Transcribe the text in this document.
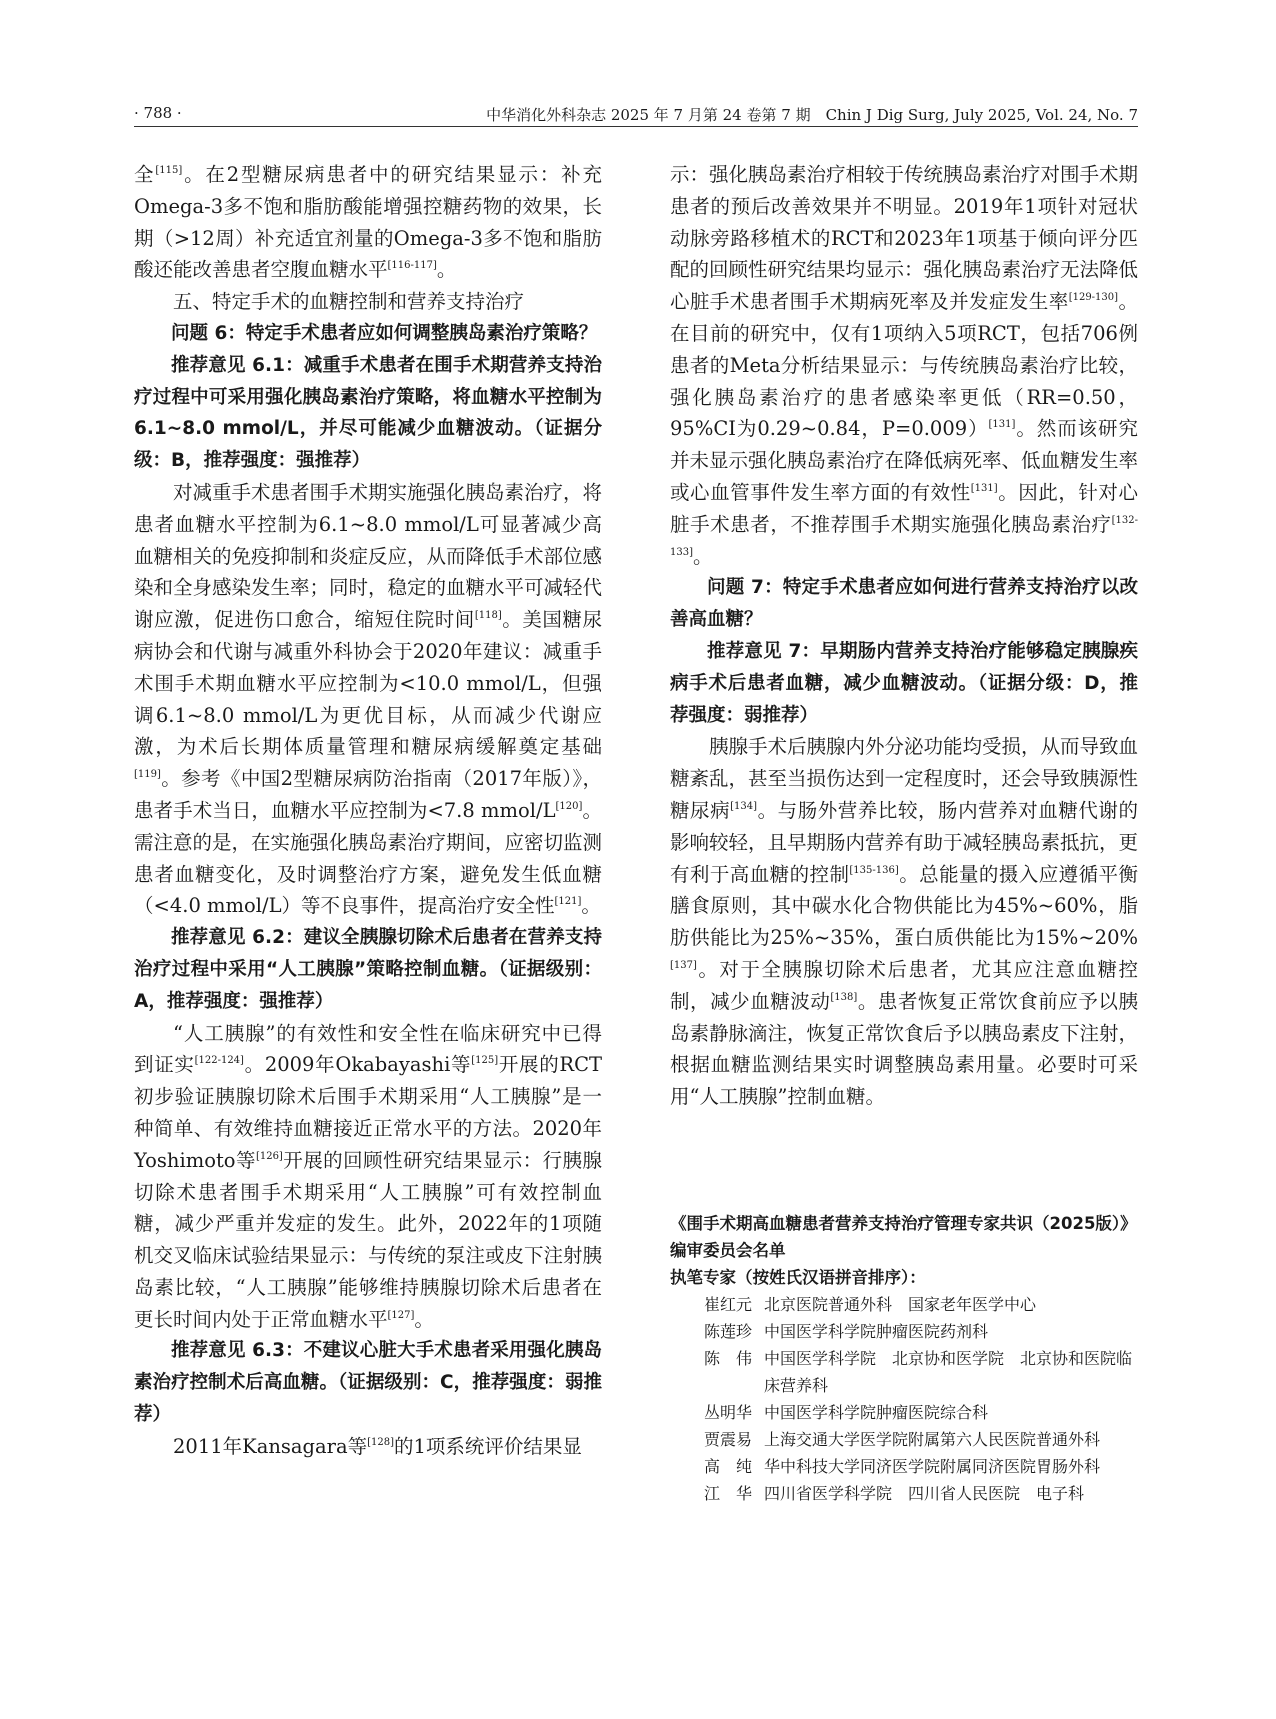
· 788 ·	中华消化外科杂志 2025 年 7 月第 24 卷第 7 期　Chin J Dig Surg, July 2025, Vol. 24, No. 7

全[115]。在2型糖尿病患者中的研究结果显示：补充Omega-3多不饱和脂肪酸能增强控糖药物的效果，长期（>12周）补充适宜剂量的Omega-3多不饱和脂肪酸还能改善患者空腹血糖水平[116-117]。

五、特定手术的血糖控制和营养支持治疗

问题 6：特定手术患者应如何调整胰岛素治疗策略？

推荐意见 6.1：减重手术患者在围手术期营养支持治疗过程中可采用强化胰岛素治疗策略，将血糖水平控制为 6.1~8.0 mmol/L，并尽可能减少血糖波动。（证据分级：B，推荐强度：强推荐）

对减重手术患者围手术期实施强化胰岛素治疗，将患者血糖水平控制为6.1~8.0 mmol/L可显著减少高血糖相关的免疫抑制和炎症反应，从而降低手术部位感染和全身感染发生率；同时，稳定的血糖水平可减轻代谢应激，促进伤口愈合，缩短住院时间[118]。美国糖尿病协会和代谢与减重外科协会于2020年建议：减重手术围手术期血糖水平应控制为<10.0 mmol/L，但强调6.1~8.0 mmol/L为更优目标，从而减少代谢应激，为术后长期体质量管理和糖尿病缓解奠定基础[119]。参考《中国2型糖尿病防治指南（2017年版）》，患者手术当日，血糖水平应控制为<7.8 mmol/L[120]。需注意的是，在实施强化胰岛素治疗期间，应密切监测患者血糖变化，及时调整治疗方案，避免发生低血糖（<4.0 mmol/L）等不良事件，提高治疗安全性[121]。

推荐意见 6.2：建议全胰腺切除术后患者在营养支持治疗过程中采用“人工胰腺”策略控制血糖。（证据级别：A，推荐强度：强推荐）

“人工胰腺”的有效性和安全性在临床研究中已得到证实[122-124]。2009年Okabayashi等[125]开展的RCT初步验证胰腺切除术后围手术期采用“人工胰腺”是一种简单、有效维持血糖接近正常水平的方法。2020年Yoshimoto等[126]开展的回顾性研究结果显示：行胰腺切除术患者围手术期采用“人工胰腺”可有效控制血糖，减少严重并发症的发生。此外，2022年的1项随机交叉临床试验结果显示：与传统的泵注或皮下注射胰岛素比较，“人工胰腺”能够维持胰腺切除术后患者在更长时间内处于正常血糖水平[127]。

推荐意见 6.3：不建议心脏大手术患者采用强化胰岛素治疗控制术后高血糖。（证据级别：C，推荐强度：弱推荐）

2011年Kansagara等[128]的1项系统评价结果显

示：强化胰岛素治疗相较于传统胰岛素治疗对围手术期患者的预后改善效果并不明显。2019年1项针对冠状动脉旁路移植术的RCT和2023年1项基于倾向评分匹配的回顾性研究结果均显示：强化胰岛素治疗无法降低心脏手术患者围手术期病死率及并发症发生率[129-130]。在目前的研究中，仅有1项纳入5项RCT，包括706例患者的Meta分析结果显示：与传统胰岛素治疗比较，强化胰岛素治疗的患者感染率更低（RR=0.50，95%CI为0.29~0.84，P=0.009）[131]。然而该研究并未显示强化胰岛素治疗在降低病死率、低血糖发生率或心血管事件发生率方面的有效性[131]。因此，针对心脏手术患者，不推荐围手术期实施强化胰岛素治疗[132-133]。

问题 7：特定手术患者应如何进行营养支持治疗以改善高血糖？

推荐意见 7：早期肠内营养支持治疗能够稳定胰腺疾病手术后患者血糖，减少血糖波动。（证据分级：D，推荐强度：弱推荐）

胰腺手术后胰腺内外分泌功能均受损，从而导致血糖紊乱，甚至当损伤达到一定程度时，还会导致胰源性糖尿病[134]。与肠外营养比较，肠内营养对血糖代谢的影响较轻，且早期肠内营养有助于减轻胰岛素抵抗，更有利于高血糖的控制[135-136]。总能量的摄入应遵循平衡膳食原则，其中碳水化合物供能比为45%~60%，脂肪供能比为25%~35%，蛋白质供能比为15%~20%[137]。对于全胰腺切除术后患者，尤其应注意血糖控制，减少血糖波动[138]。患者恢复正常饮食前应予以胰岛素静脉滴注，恢复正常饮食后予以胰岛素皮下注射，根据血糖监测结果实时调整胰岛素用量。必要时可采用“人工胰腺”控制血糖。

《围手术期高血糖患者营养支持治疗管理专家共识（2025版）》

编审委员会名单

执笔专家（按姓氏汉语拼音排序）：

崔红元 北京医院普通外科　国家老年医学中心
陈莲珍 中国医学科学院肿瘤医院药剂科
陈　伟 中国医学科学院　北京协和医学院　北京协和医院临床营养科
丛明华 中国医学科学院肿瘤医院综合科
贾震易 上海交通大学医学院附属第六人民医院普通外科
高　纯 华中科技大学同济医学院附属同济医院胃肠外科
江　华 四川省医学科学院　四川省人民医院　电子科
